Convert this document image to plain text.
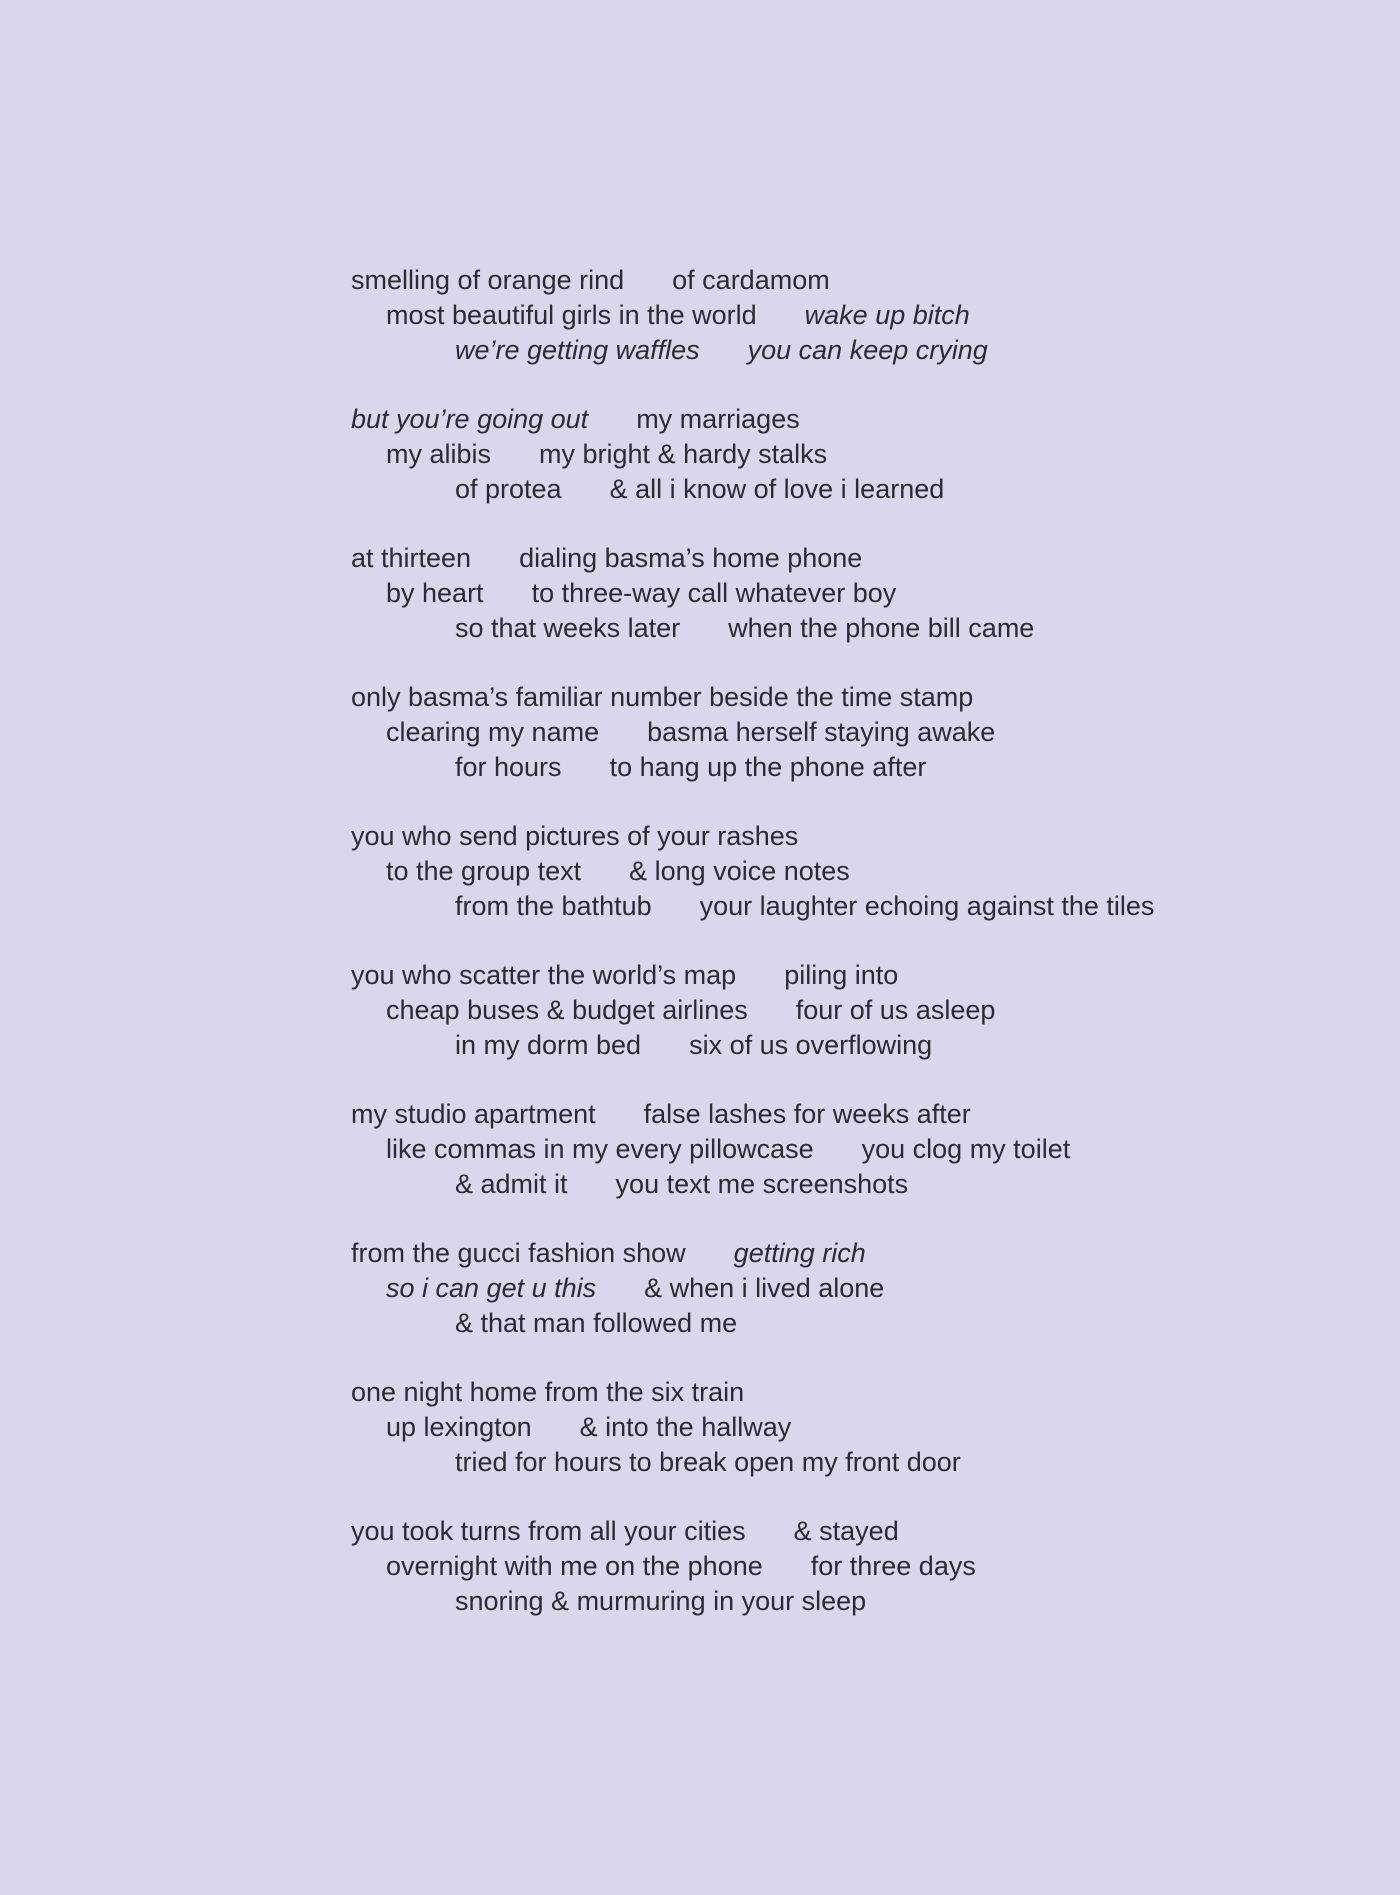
smelling of orange rind of cardamom
most beautiful girls in the world wake up bitch
we’re getting waffles you can keep crying
but you’re going out my marriages
my alibis my bright & hardy stalks
of protea & all i know of love i learned
at thirteen dialing basma’s home phone
by heart to three-way call whatever boy
so that weeks later when the phone bill came
only basma’s familiar number beside the time stamp
clearing my name basma herself staying awake
for hours to hang up the phone after
you who send pictures of your rashes
to the group text & long voice notes
from the bathtub your laughter echoing against the tiles
you who scatter the world’s map piling into
cheap buses & budget airlines four of us asleep
in my dorm bed six of us overflowing
my studio apartment false lashes for weeks after
like commas in my every pillowcase you clog my toilet
& admit it you text me screenshots
from the gucci fashion show getting rich
so i can get u this & when i lived alone
& that man followed me
one night home from the six train
up lexington & into the hallway
tried for hours to break open my front door
you took turns from all your cities & stayed
overnight with me on the phone for three days
snoring & murmuring in your sleep
